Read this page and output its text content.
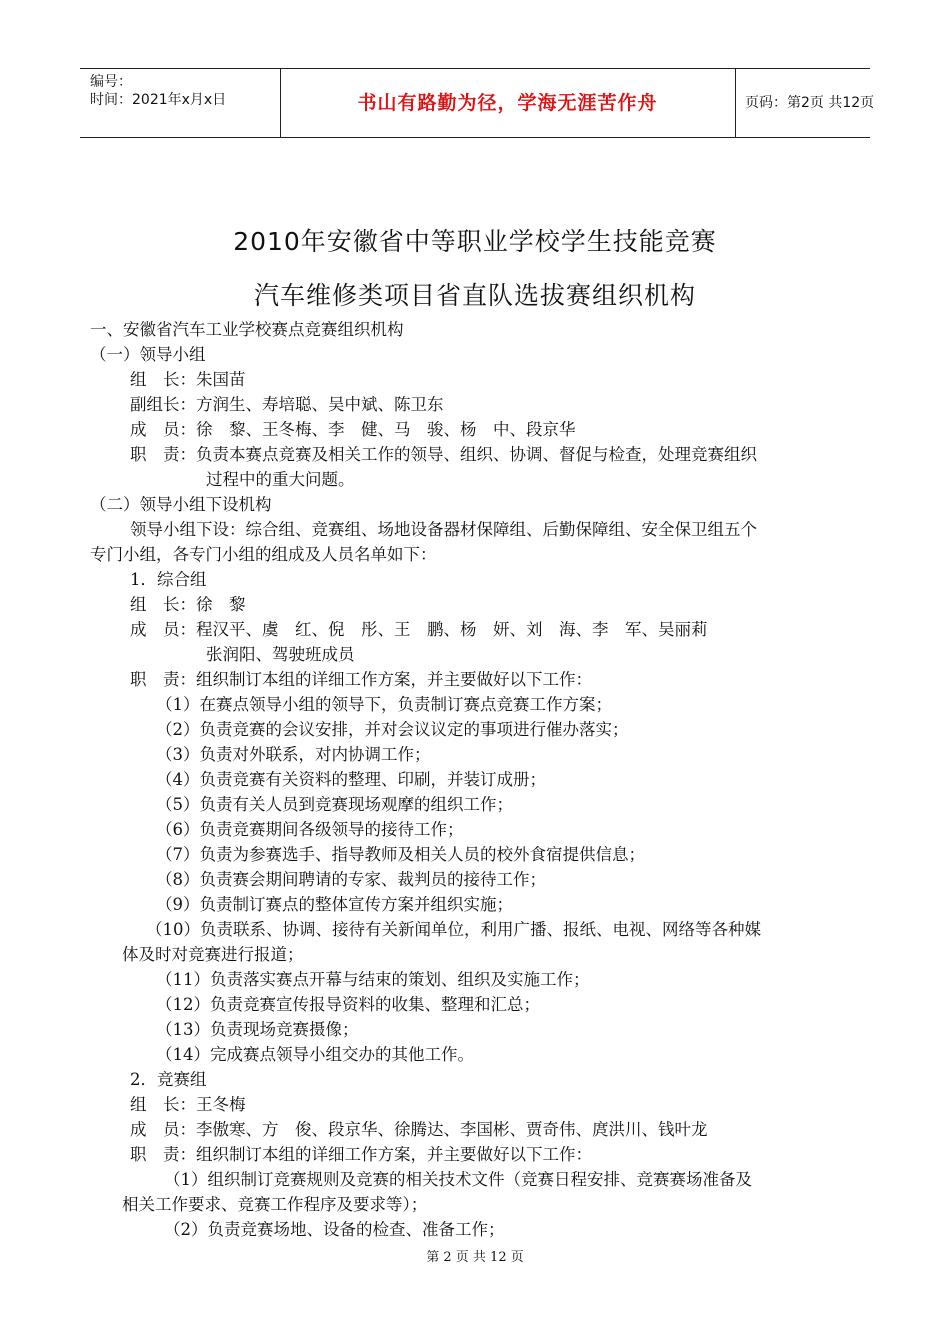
编号：
时间：2021年x月x日	书山有路勤为径，学海无涯苦作舟	页码：第2页 共12页
2010年安徽省中等职业学校学生技能竞赛
汽车维修类项目省直队选拔赛组织机构
一、安徽省汽车工业学校赛点竞赛组织机构
（一）领导小组
组　长：朱国苗
副组长：方润生、寿培聪、吴中斌、陈卫东
成　员：徐　黎、王冬梅、李　健、马　骏、杨　中、段京华
职　责：负责本赛点竞赛及相关工作的领导、组织、协调、督促与检查，处理竞赛组织
过程中的重大问题。
（二）领导小组下设机构
领导小组下设：综合组、竞赛组、场地设备器材保障组、后勤保障组、安全保卫组五个
专门小组，各专门小组的组成及人员名单如下：
1．综合组
组　长：徐　黎
成　员：程汉平、虞　红、倪　彤、王　鹏、杨　妍、刘　海、李　军、吴丽莉
张润阳、驾驶班成员
职　责：组织制订本组的详细工作方案，并主要做好以下工作：
（1）在赛点领导小组的领导下，负责制订赛点竞赛工作方案；
（2）负责竞赛的会议安排，并对会议议定的事项进行催办落实；
（3）负责对外联系，对内协调工作；
（4）负责竞赛有关资料的整理、印刷，并装订成册；
（5）负责有关人员到竞赛现场观摩的组织工作；
（6）负责竞赛期间各级领导的接待工作；
（7）负责为参赛选手、指导教师及相关人员的校外食宿提供信息；
（8）负责赛会期间聘请的专家、裁判员的接待工作；
（9）负责制订赛点的整体宣传方案并组织实施；
（10）负责联系、协调、接待有关新闻单位，利用广播、报纸、电视、网络等各种媒
体及时对竞赛进行报道；
（11）负责落实赛点开幕与结束的策划、组织及实施工作；
（12）负责竞赛宣传报导资料的收集、整理和汇总；
（13）负责现场竞赛摄像；
（14）完成赛点领导小组交办的其他工作。
2．竞赛组
组　长：王冬梅
成　员：李傲寒、方　俊、段京华、徐腾达、李国彬、贾奇伟、庹洪川、钱叶龙
职　责：组织制订本组的详细工作方案，并主要做好以下工作：
（1）组织制订竞赛规则及竞赛的相关技术文件（竞赛日程安排、竞赛赛场准备及
相关工作要求、竞赛工作程序及要求等）；
（2）负责竞赛场地、设备的检查、准备工作；
第 2 页 共 12 页
